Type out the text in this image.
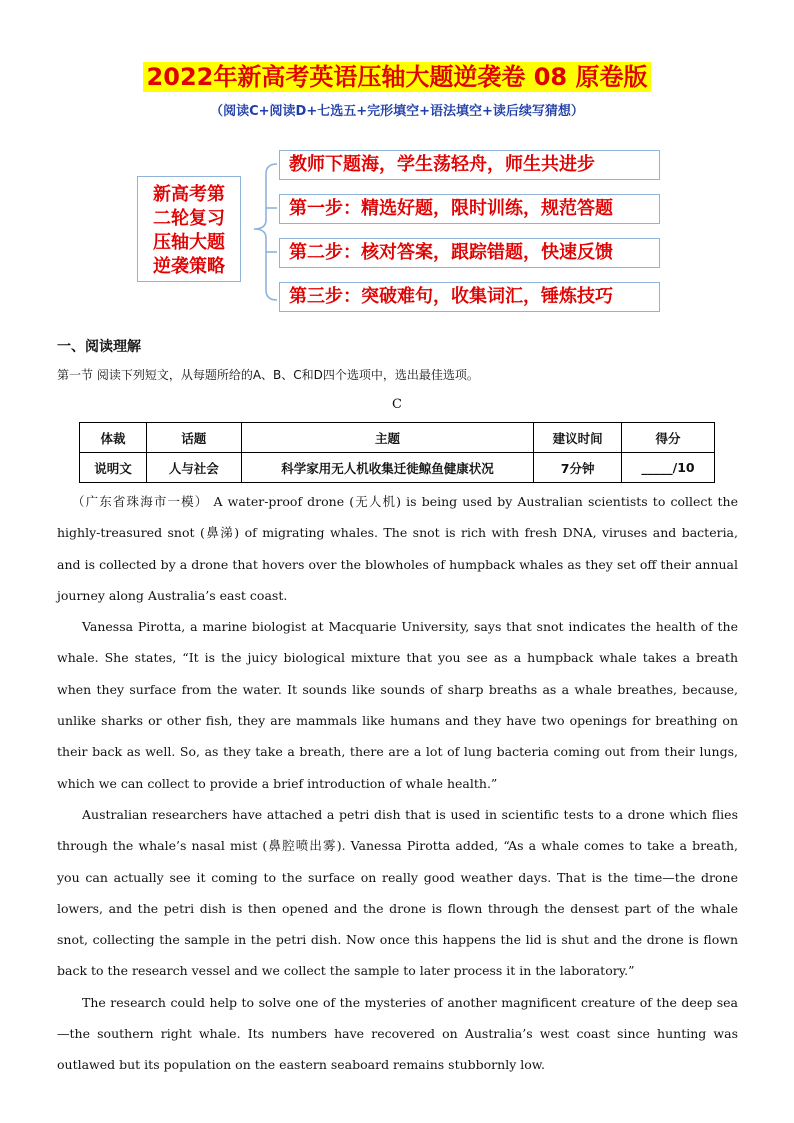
2022年新高考英语压轴大题逆袭卷 08 原卷版
（阅读C+阅读D+七选五+完形填空+语法填空+读后续写猜想）
新高考第
二轮复习
压轴大题
逆袭策略
教师下题海，学生荡轻舟，师生共进步
第一步：精选好题，限时训练，规范答题
第二步：核对答案，跟踪错题，快速反馈
第三步：突破难句，收集词汇，锤炼技巧
一、阅读理解
第一节 阅读下列短文，从每题所给的A、B、C和D四个选项中，选出最佳选项。
C
体裁	话题	主题	建议时间	得分
说明文	人与社会	科学家用无人机收集迁徙鲸鱼健康状况	7分钟	_____/10

（广东省珠海市一模） A water-proof drone (无人机) is being used by Australian scientists to collect the highly-treasured snot (鼻涕) of migrating whales. The snot is rich with fresh DNA, viruses and bacteria, and is collected by a drone that hovers over the blowholes of humpback whales as they set off their annual journey along Australia’s east coast.

Vanessa Pirotta, a marine biologist at Macquarie University, says that snot indicates the health of the whale. She states, “It is the juicy biological mixture that you see as a humpback whale takes a breath when they surface from the water. It sounds like sounds of sharp breaths as a whale breathes, because, unlike sharks or other fish, they are mammals like humans and they have two openings for breathing on their back as well. So, as they take a breath, there are a lot of lung bacteria coming out from their lungs, which we can collect to provide a brief introduction of whale health.”

Australian researchers have attached a petri dish that is used in scientific tests to a drone which flies through the whale’s nasal mist (鼻腔喷出雾). Vanessa Pirotta added, “As a whale comes to take a breath, you can actually see it coming to the surface on really good weather days. That is the time—the drone lowers, and the petri dish is then opened and the drone is flown through the densest part of the whale snot, collecting the sample in the petri dish. Now once this happens the lid is shut and the drone is flown back to the research vessel and we collect the sample to later process it in the laboratory.”

The research could help to solve one of the mysteries of another magnificent creature of the deep sea—the southern right whale. Its numbers have recovered on Australia’s west coast since hunting was outlawed but its population on the eastern seaboard remains stubbornly low.
